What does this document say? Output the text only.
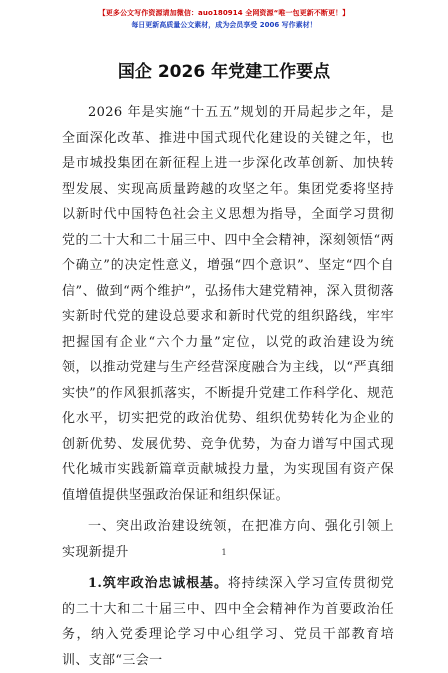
【更多公文写作资源请加微信：auo180914 全网资源“唯一包更新不断更！】
每日更新高质量公文素材，成为会员享受 2006 写作素材！
国企 2026 年党建工作要点

2026 年是实施“十五五”规划的开局起步之年，是全面深化改革、推进中国式现代化建设的关键之年，也是市城投集团在新征程上进一步深化改革创新、加快转型发展、实现高质量跨越的攻坚之年。集团党委将坚持以新时代中国特色社会主义思想为指导，全面学习贯彻党的二十大和二十届三中、四中全会精神，深刻领悟“两个确立”的决定性意义，增强“四个意识”、坚定“四个自信”、做到“两个维护”，弘扬伟大建党精神，深入贯彻落实新时代党的建设总要求和新时代党的组织路线，牢牢把握国有企业“六个力量”定位，以党的政治建设为统领，以推动党建与生产经营深度融合为主线，以“严真细实快”的作风狠抓落实，不断提升党建工作科学化、规范化水平，切实把党的政治优势、组织优势转化为企业的创新优势、发展优势、竞争优势，为奋力谱写中国式现代化城市实践新篇章贡献城投力量，为实现国有资产保值增值提供坚强政治保证和组织保证。

一、突出政治建设统领，在把准方向、强化引领上实现新提升

1.筑牢政治忠诚根基。将持续深入学习宣传贯彻党的二十大和二十届三中、四中全会精神作为首要政治任务，纳入党委理论学习中心组学习、党员干部教育培训、支部“三会一

1
